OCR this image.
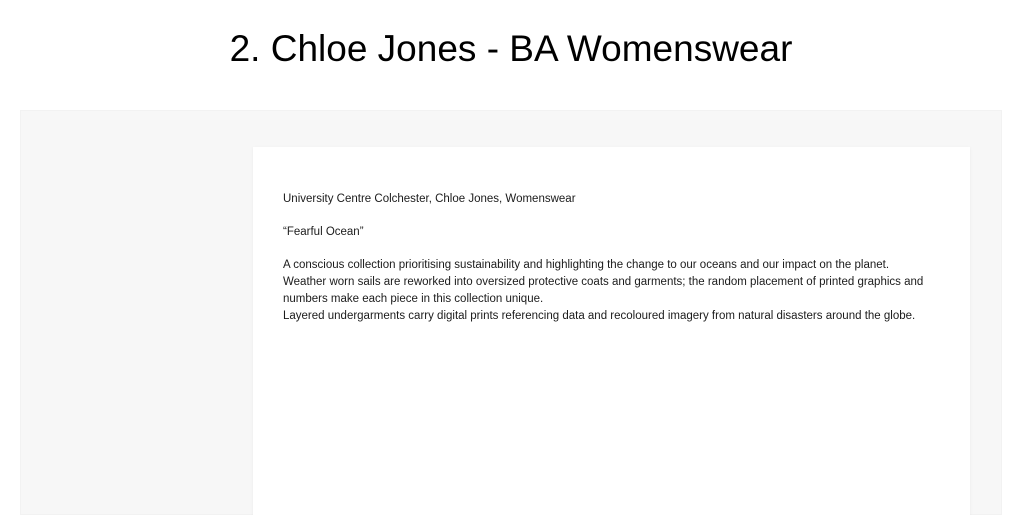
2. Chloe Jones - BA Womenswear
University Centre Colchester, Chloe Jones, Womenswear
“Fearful Ocean”

A conscious collection prioritising sustainability and highlighting the change to our oceans and our impact on the planet.

Weather worn sails are reworked into oversized protective coats and garments; the random placement of printed graphics and numbers make each piece in this collection unique.

Layered undergarments carry digital prints referencing data and recoloured imagery from natural disasters around the globe.
